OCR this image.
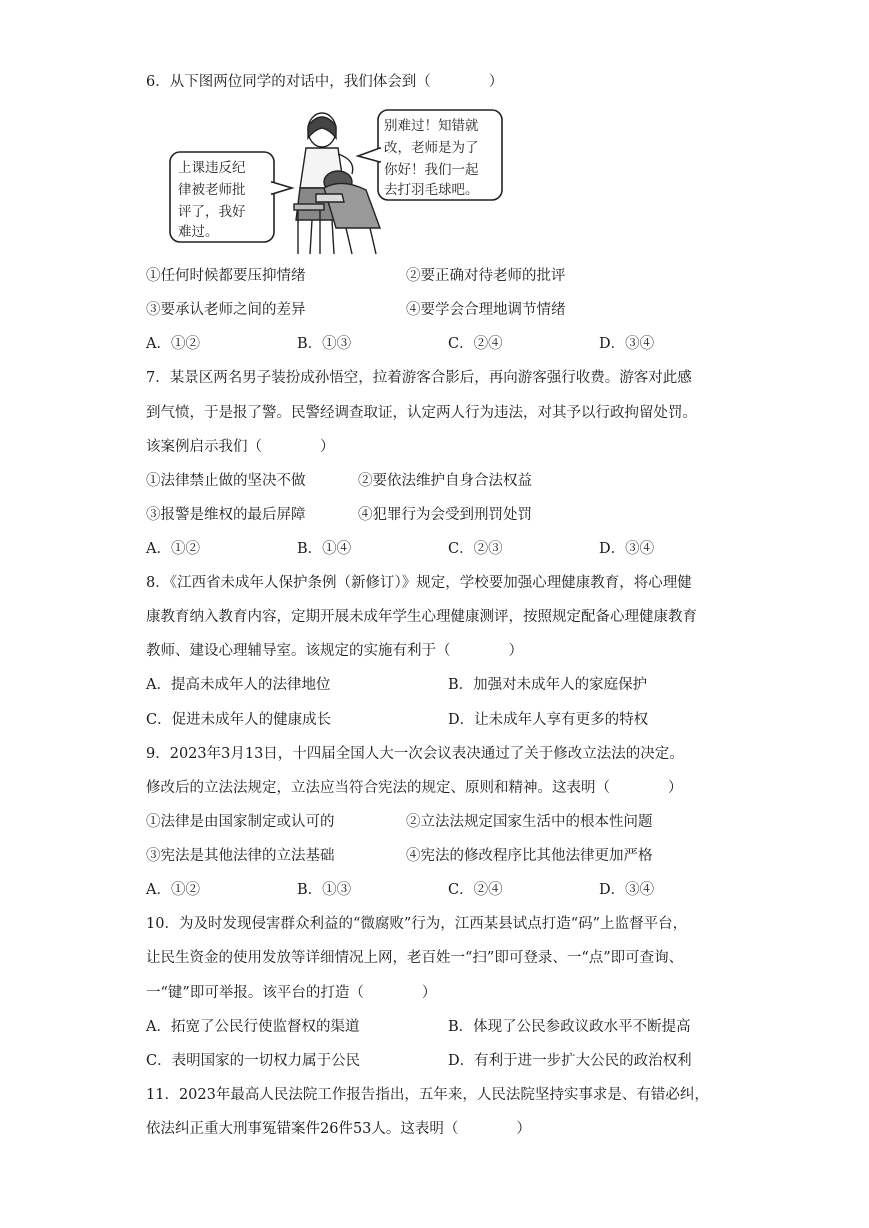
6．从下图两位同学的对话中，我们体会到（　　　　）
上课违反纪
律被老师批
评了，我好
难过。
别难过！知错就
改，老师是为了
你好！我们一起
去打羽毛球吧。
①任何时候都要压抑情绪	②要正确对待老师的批评
③要承认老师之间的差异	④要学会合理地调节情绪
A．①②	B．①③	C．②④	D．③④
7．某景区两名男子装扮成孙悟空，拉着游客合影后，再向游客强行收费。游客对此感
到气愤，于是报了警。民警经调查取证，认定两人行为违法，对其予以行政拘留处罚。
该案例启示我们（　　　　）
①法律禁止做的坚决不做	②要依法维护自身合法权益
③报警是维权的最后屏障	④犯罪行为会受到刑罚处罚
A．①②	B．①④	C．②③	D．③④
8．《江西省未成年人保护条例（新修订）》规定，学校要加强心理健康教育，将心理健
康教育纳入教育内容，定期开展未成年学生心理健康测评，按照规定配备心理健康教育
教师、建设心理辅导室。该规定的实施有利于（　　　　）
A．提高未成年人的法律地位	B．加强对未成年人的家庭保护
C．促进未成年人的健康成长	D．让未成年人享有更多的特权
9．2023年3月13日，十四届全国人大一次会议表决通过了关于修改立法法的决定。
修改后的立法法规定，立法应当符合宪法的规定、原则和精神。这表明（　　　　）
①法律是由国家制定或认可的	②立法法规定国家生活中的根本性问题
③宪法是其他法律的立法基础	④宪法的修改程序比其他法律更加严格
A．①②	B．①③	C．②④	D．③④
10．为及时发现侵害群众利益的“微腐败”行为，江西某县试点打造“码”上监督平台，
让民生资金的使用发放等详细情况上网，老百姓一“扫”即可登录、一“点”即可查询、
一“键”即可举报。该平台的打造（　　　　）
A．拓宽了公民行使监督权的渠道	B．体现了公民参政议政水平不断提高
C．表明国家的一切权力属于公民	D．有利于进一步扩大公民的政治权利
11．2023年最高人民法院工作报告指出，五年来，人民法院坚持实事求是、有错必纠，
依法纠正重大刑事冤错案件26件53人。这表明（　　　　）
